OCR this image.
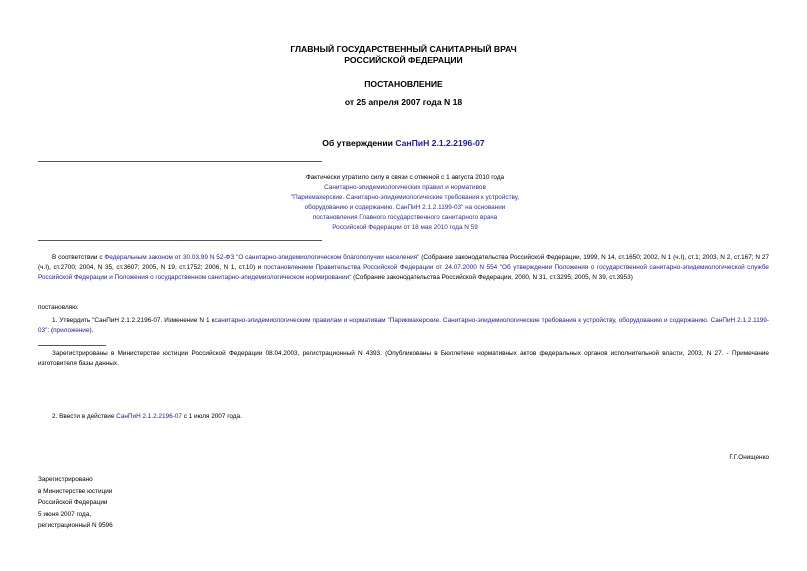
ГЛАВНЫЙ ГОСУДАРСТВЕННЫЙ САНИТАРНЫЙ ВРАЧ
РОССИЙСКОЙ ФЕДЕРАЦИИ
ПОСТАНОВЛЕНИЕ
от 25 апреля 2007 года N 18
Об утверждении СанПиН 2.1.2.2196-07
Фактически утратило силу в связи с отменой с 1 августа 2010 года
Санитарно-эпидемиологических правил и нормативов
"Парикмахерские. Санитарно-эпидемиологические требования к устройству,
оборудованию и содержанию. СанПиН 2.1.2.1199-03" на основании
постановления Главного государственного санитарного врача
Российской Федерации от 18 мая 2010 года N 59
В соответствии с Федеральным законом от 30.03.99 N 52-ФЗ "О санитарно-эпидемиологическом благополучии населения" (Собрание законодательства Российской Федерации, 1999, N 14, ст.1650; 2002, N 1 (ч.I), ст.1; 2003, N 2, ст.167; N 27 (ч.I), ст.2700; 2004, N 35, ст.3607; 2005, N 19, ст.1752; 2006, N 1, ст.10) и постановлением Правительства Российской Федерации от 24.07.2000 N 554 "Об утверждении Положения о государственной санитарно-эпидемиологической службе Российской Федерации и Положения о государственном санитарно-эпидемиологическом нормировании" (Собрание законодательства Российской Федерации, 2000, N 31, ст.3295; 2005, N 39, ст.3953)
постановляю:
1. Утвердить "СанПиН 2.1.2.2196-07. Изменение N 1 ксанитарно-эпидемиологическим правилам и нормативам "Парикмахерские. Санитарно-эпидемиологические требования к устройству, оборудованию и содержанию. СанПиН 2.1.2.1199-03": (приложение).
Зарегистрированы в Министерстве юстиции Российской Федерации 08.04.2003, регистрационный N 4393. (Опубликованы в Бюллетене нормативных актов федеральных органов исполнительной власти, 2003, N 27. - Примечание изготовителя базы данных.
2. Ввести в действие СанПиН 2.1.2.2196-07 с 1 июля 2007 года.
Г.Г.Онищенко
Зарегистрировано
в Министерстве юстиции
Российской Федерации
5 июня 2007 года,
регистрационный N 9596
